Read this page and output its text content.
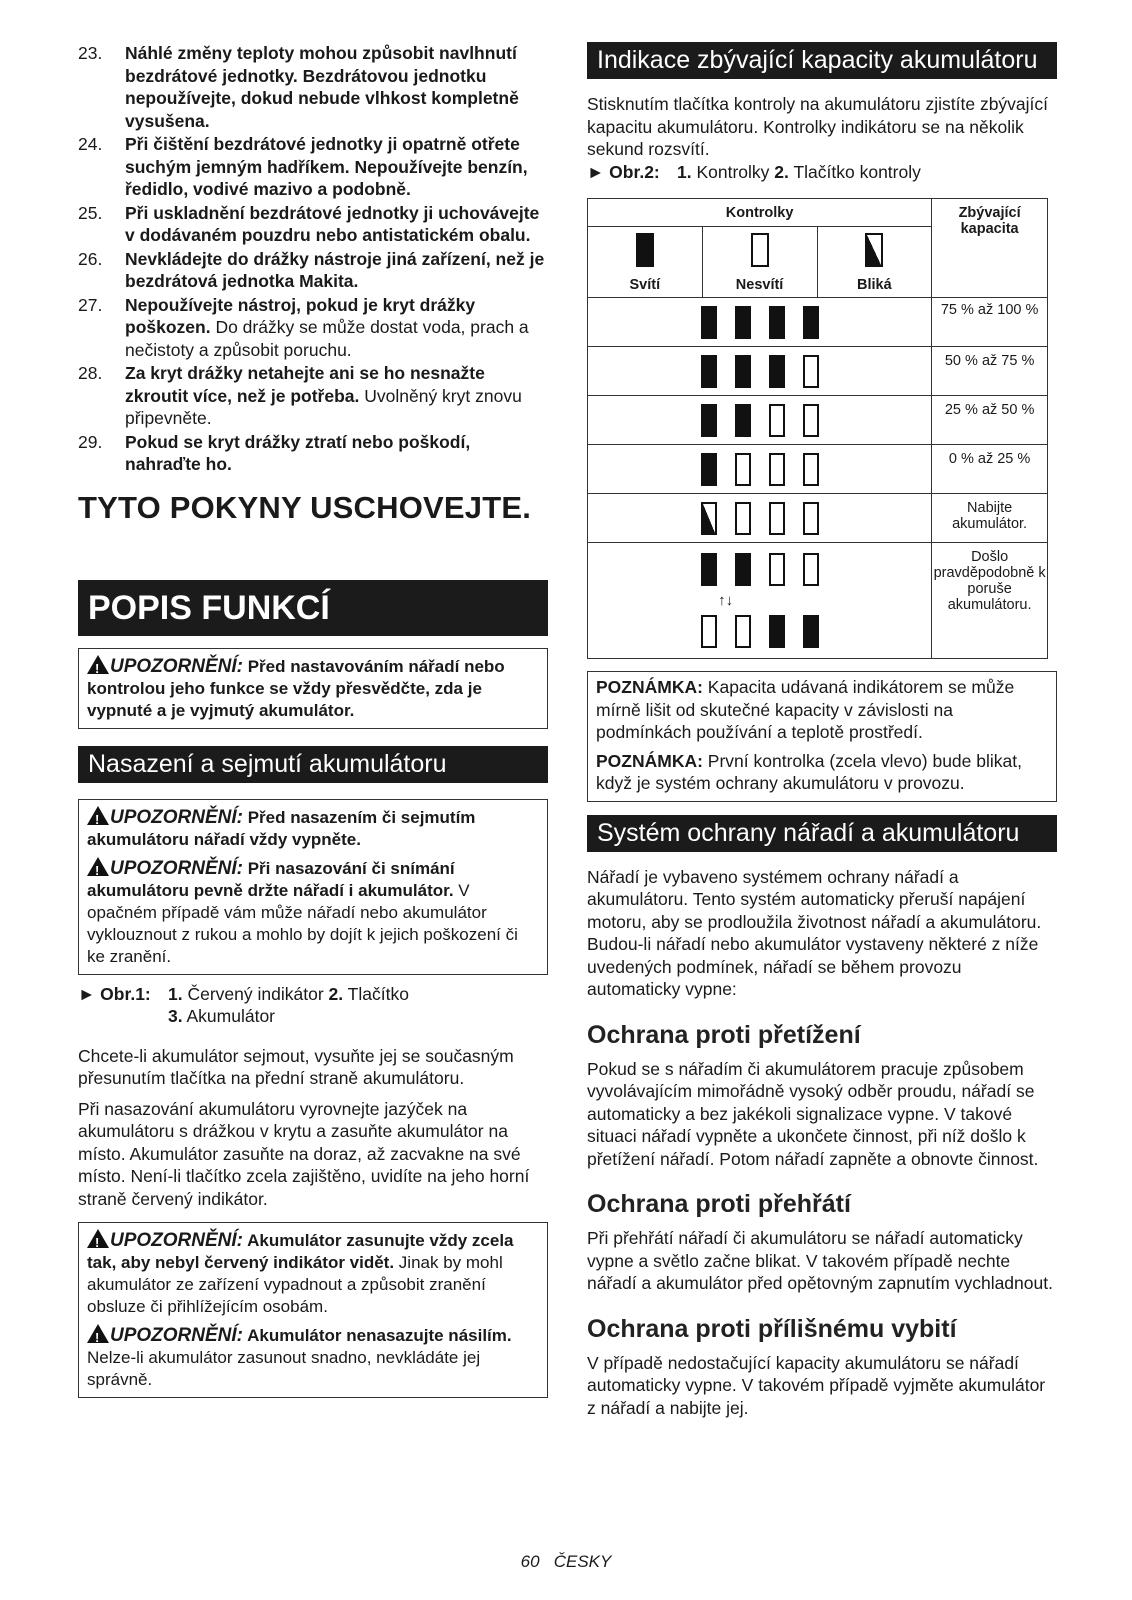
23.	Náhlé změny teploty mohou způsobit navlhnutí bezdrátové jednotky. Bezdrátovou jednotku nepoužívejte, dokud nebude vlhkost kompletně vysušena.
24.	Při čištění bezdrátové jednotky ji opatrně otřete suchým jemným hadříkem. Nepoužívejte benzín, ředidlo, vodivé mazivo a podobně.
25.	Při uskladnění bezdrátové jednotky ji uchovávejte v dodávaném pouzdru nebo antistatickém obalu.
26.	Nevkládejte do drážky nástroje jiná zařízení, než je bezdrátová jednotka Makita.
27.	Nepoužívejte nástroj, pokud je kryt drážky poškozen. Do drážky se může dostat voda, prach a nečistoty a způsobit poruchu.
28.	Za kryt drážky netahejte ani se ho nesnažte zkroutit více, než je potřeba. Uvolněný kryt znovu připevněte.
29.	Pokud se kryt drážky ztratí nebo poškodí, nahraďte ho.
TYTO POKYNY USCHOVEJTE.
POPIS FUNKCÍ
!UPOZORNĚNÍ: Před nastavováním nářadí nebo kontrolou jeho funkce se vždy přesvědčte, zda je vypnuté a je vyjmutý akumulátor.
Nasazení a sejmutí akumulátoru
!UPOZORNĚNÍ: Před nasazením či sejmutím akumulátoru nářadí vždy vypněte.
!UPOZORNĚNÍ: Při nasazování či snímání akumulátoru pevně držte nářadí i akumulátor. V opačném případě vám může nářadí nebo akumulátor vyklouznout z rukou a mohlo by dojít k jejich poškození či ke zranění.
► Obr.1: 1. Červený indikátor 2. Tlačítko
3. Akumulátor

Chcete-li akumulátor sejmout, vysuňte jej se současným přesunutím tlačítka na přední straně akumulátoru.

Při nasazování akumulátoru vyrovnejte jazýček na akumulátoru s drážkou v krytu a zasuňte akumulátor na místo. Akumulátor zasuňte na doraz, až zacvakne na své místo. Není-li tlačítko zcela zajištěno, uvidíte na jeho horní straně červený indikátor.

!UPOZORNĚNÍ: Akumulátor zasunujte vždy zcela tak, aby nebyl červený indikátor vidět. Jinak by mohl akumulátor ze zařízení vypadnout a způsobit zranění obsluze či přihlížejícím osobám.
!UPOZORNĚNÍ: Akumulátor nenasazujte násilím. Nelze-li akumulátor zasunout snadno, nevkládáte jej správně.
Indikace zbývající kapacity akumulátoru

Stisknutím tlačítka kontroly na akumulátoru zjistíte zbývající kapacitu akumulátoru. Kontrolky indikátoru se na několik sekund rozsvítí.

► Obr.2: 1. Kontrolky 2. Tlačítko kontroly
Kontrolky			Zbývající kapacita

Svítí	Nesvítí	Bliká	
			75 % až 100 %
			50 % až 75 %
			25 % až 50 %
			0 % až 25 %
			Nabijte akumulátor.

↑↓			Došlo pravděpodobně k poruše akumulátoru.

POZNÁMKA: Kapacita udávaná indikátorem se může mírně lišit od skutečné kapacity v závislosti na podmínkách používání a teplotě prostředí.

POZNÁMKA: První kontrolka (zcela vlevo) bude blikat, když je systém ochrany akumulátoru v provozu.

Systém ochrany nářadí a akumulátoru

Nářadí je vybaveno systémem ochrany nářadí a akumulátoru. Tento systém automaticky přeruší napájení motoru, aby se prodloužila životnost nářadí a akumulátoru. Budou-li nářadí nebo akumulátor vystaveny některé z níže uvedených podmínek, nářadí se během provozu automaticky vypne:

Ochrana proti přetížení

Pokud se s nářadím či akumulátorem pracuje způsobem vyvolávajícím mimořádně vysoký odběr proudu, nářadí se automaticky a bez jakékoli signalizace vypne. V takové situaci nářadí vypněte a ukončete činnost, při níž došlo k přetížení nářadí. Potom nářadí zapněte a obnovte činnost.

Ochrana proti přehřátí

Při přehřátí nářadí či akumulátoru se nářadí automaticky vypne a světlo začne blikat. V takovém případě nechte nářadí a akumulátor před opětovným zapnutím vychladnout.

Ochrana proti přílišnému vybití

V případě nedostačující kapacity akumulátoru se nářadí automaticky vypne. V takovém případě vyjměte akumulátor z nářadí a nabijte jej.

60 ČESKY
